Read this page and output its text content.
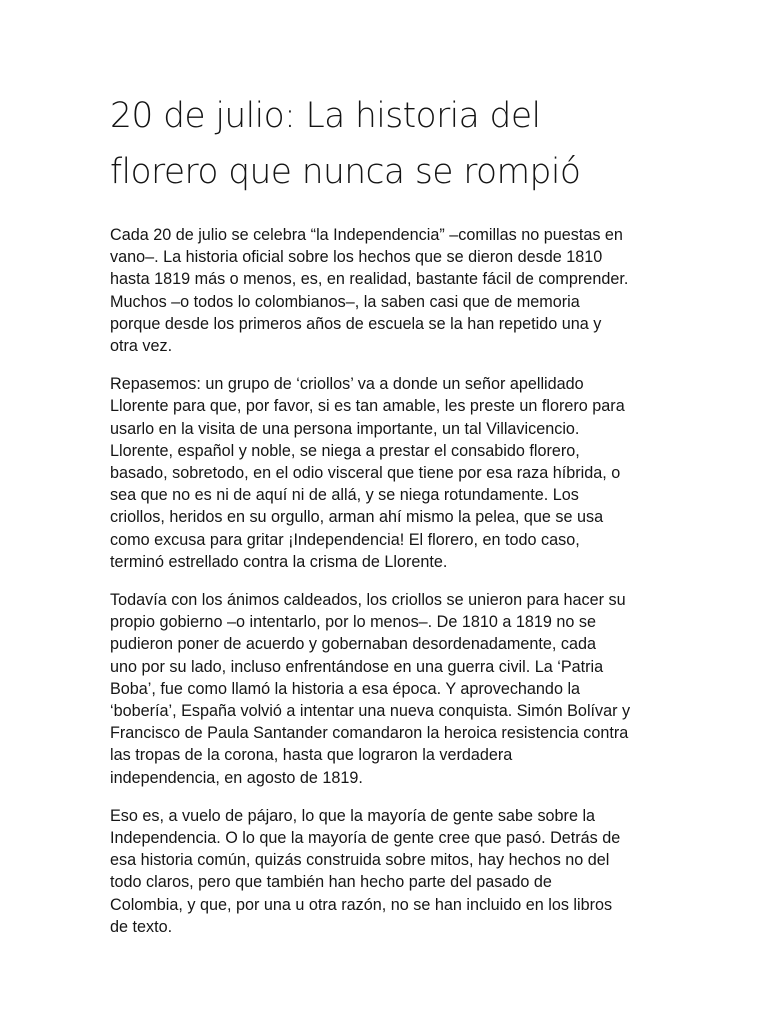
20 de julio: La historia del
florero que nunca se rompió

Cada 20 de julio se celebra “la Independencia” –comillas no puestas en
vano–. La historia oficial sobre los hechos que se dieron desde 1810
hasta 1819 más o menos, es, en realidad, bastante fácil de comprender.
Muchos –o todos lo colombianos–, la saben casi que de memoria
porque desde los primeros años de escuela se la han repetido una y
otra vez.

Repasemos: un grupo de ‘criollos’ va a donde un señor apellidado
Llorente para que, por favor, si es tan amable, les preste un florero para
usarlo en la visita de una persona importante, un tal Villavicencio.
Llorente, español y noble, se niega a prestar el consabido florero,
basado, sobretodo, en el odio visceral que tiene por esa raza híbrida, o
sea que no es ni de aquí ni de allá, y se niega rotundamente. Los
criollos, heridos en su orgullo, arman ahí mismo la pelea, que se usa
como excusa para gritar ¡Independencia! El florero, en todo caso,
terminó estrellado contra la crisma de Llorente.

Todavía con los ánimos caldeados, los criollos se unieron para hacer su
propio gobierno –o intentarlo, por lo menos–. De 1810 a 1819 no se
pudieron poner de acuerdo y gobernaban desordenadamente, cada
uno por su lado, incluso enfrentándose en una guerra civil. La ‘Patria
Boba’, fue como llamó la historia a esa época. Y aprovechando la
‘bobería’, España volvió a intentar una nueva conquista. Simón Bolívar y
Francisco de Paula Santander comandaron la heroica resistencia contra
las tropas de la corona, hasta que lograron la verdadera
independencia, en agosto de 1819.

Eso es, a vuelo de pájaro, lo que la mayoría de gente sabe sobre la
Independencia. O lo que la mayoría de gente cree que pasó. Detrás de
esa historia común, quizás construida sobre mitos, hay hechos no del
todo claros, pero que también han hecho parte del pasado de
Colombia, y que, por una u otra razón, no se han incluido en los libros
de texto.
